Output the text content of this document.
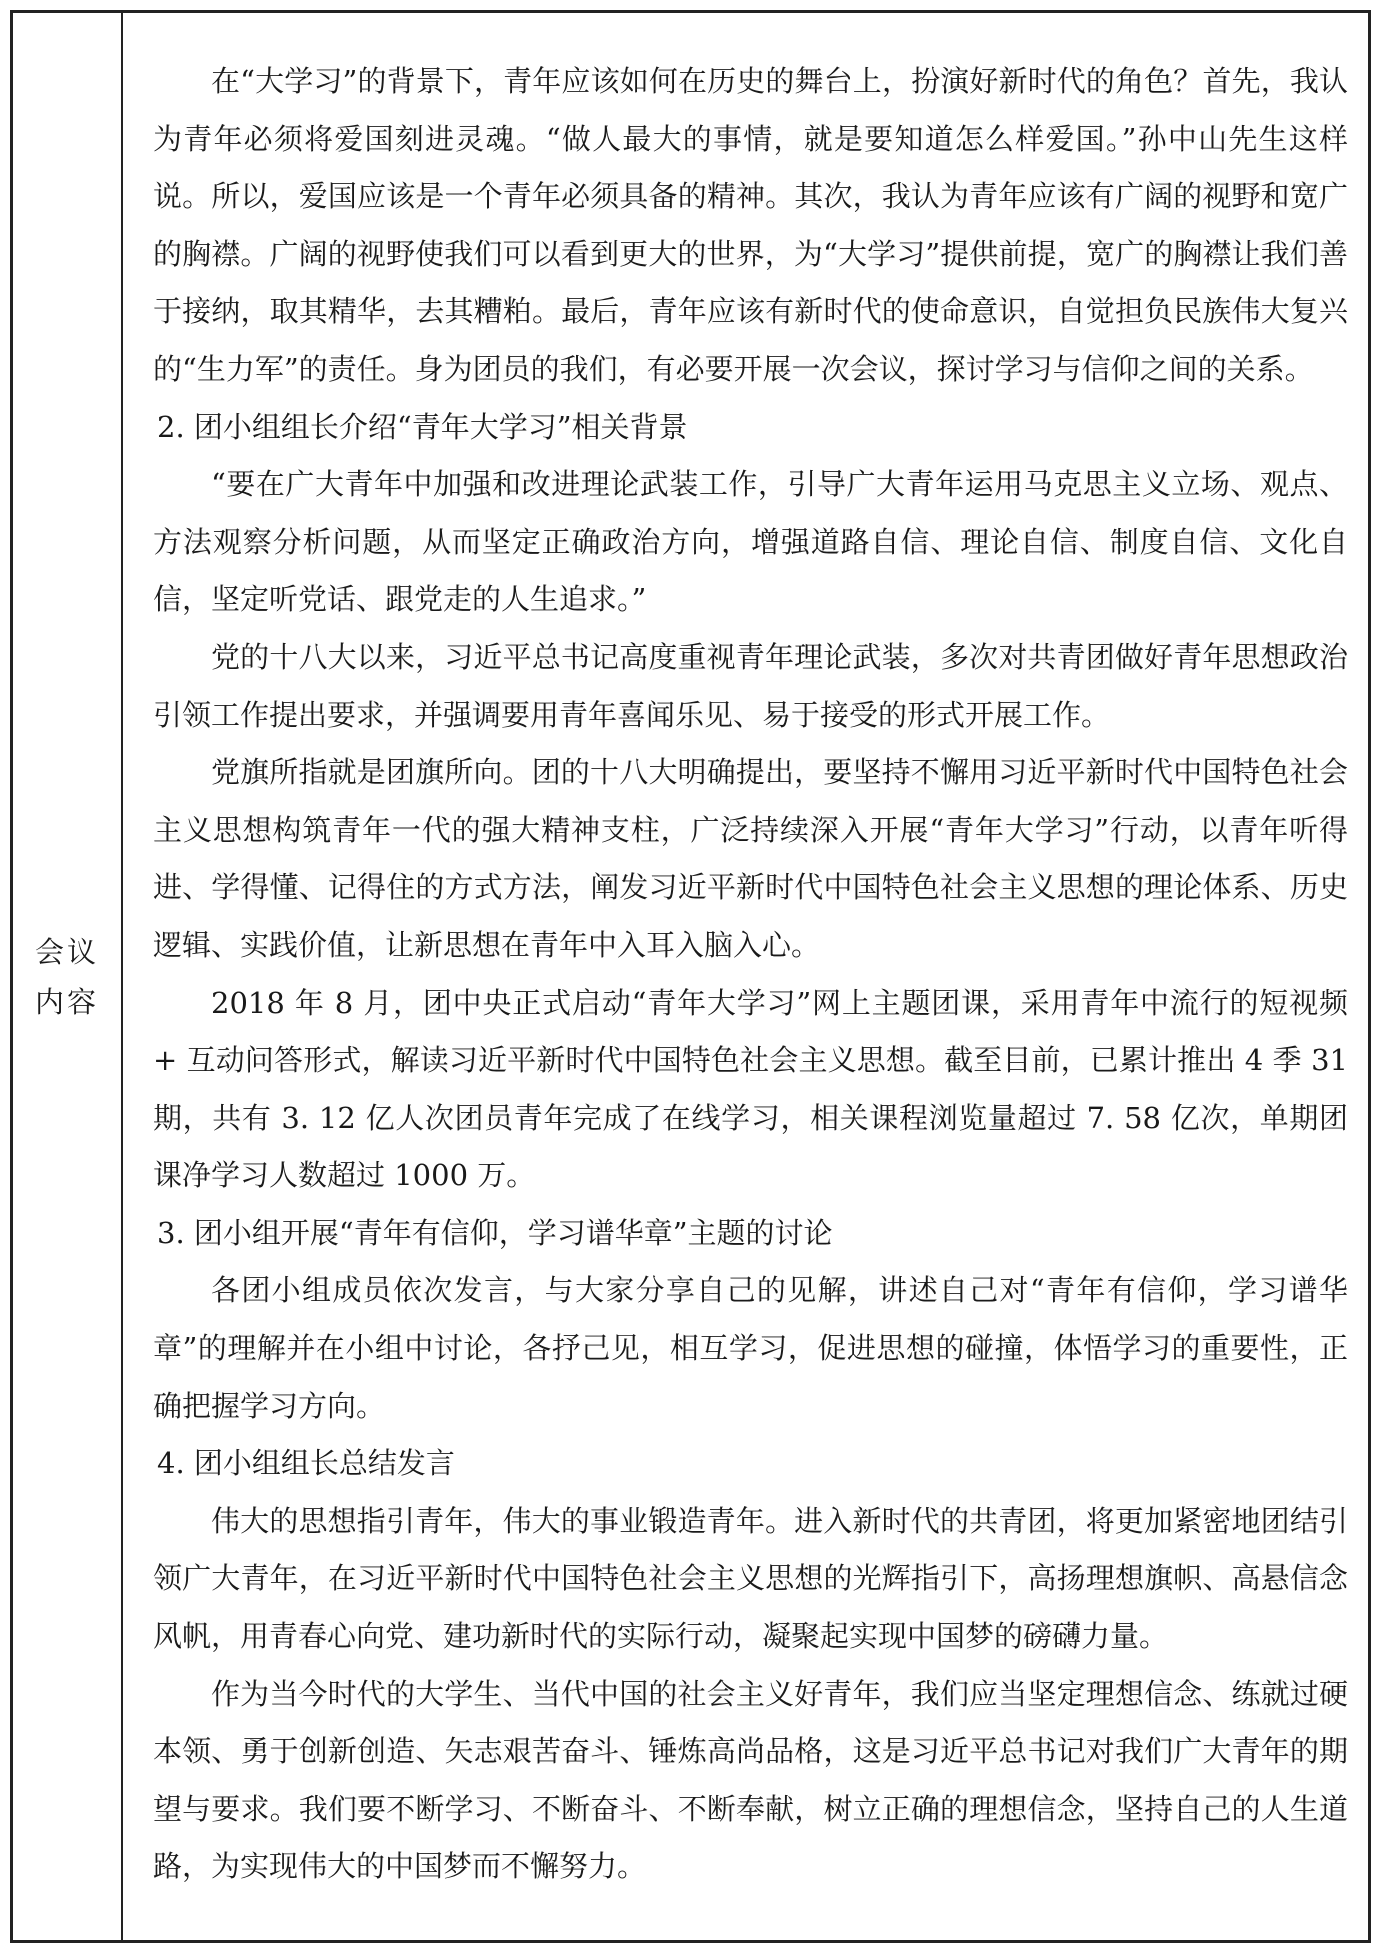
会议
内容

在“大学习”的背景下，青年应该如何在历史的舞台上，扮演好新时代的角色？首先，我认为青年必须将爱国刻进灵魂。“做人最大的事情，就是要知道怎么样爱国。”孙中山先生这样说。所以，爱国应该是一个青年必须具备的精神。其次，我认为青年应该有广阔的视野和宽广的胸襟。广阔的视野使我们可以看到更大的世界，为“大学习”提供前提，宽广的胸襟让我们善于接纳，取其精华，去其糟粕。最后，青年应该有新时代的使命意识，自觉担负民族伟大复兴的“生力军”的责任。身为团员的我们，有必要开展一次会议，探讨学习与信仰之间的关系。

2. 团小组组长介绍“青年大学习”相关背景

“要在广大青年中加强和改进理论武装工作，引导广大青年运用马克思主义立场、观点、方法观察分析问题，从而坚定正确政治方向，增强道路自信、理论自信、制度自信、文化自信，坚定听党话、跟党走的人生追求。”

党的十八大以来，习近平总书记高度重视青年理论武装，多次对共青团做好青年思想政治引领工作提出要求，并强调要用青年喜闻乐见、易于接受的形式开展工作。

党旗所指就是团旗所向。团的十八大明确提出，要坚持不懈用习近平新时代中国特色社会主义思想构筑青年一代的强大精神支柱，广泛持续深入开展“青年大学习”行动，以青年听得进、学得懂、记得住的方式方法，阐发习近平新时代中国特色社会主义思想的理论体系、历史逻辑、实践价值，让新思想在青年中入耳入脑入心。

2018 年 8 月，团中央正式启动“青年大学习”网上主题团课，采用青年中流行的短视频 + 互动问答形式，解读习近平新时代中国特色社会主义思想。截至目前，已累计推出 4 季 31 期，共有 3. 12 亿人次团员青年完成了在线学习，相关课程浏览量超过 7. 58 亿次，单期团课净学习人数超过 1000 万。

3. 团小组开展“青年有信仰，学习谱华章”主题的讨论

各团小组成员依次发言，与大家分享自己的见解，讲述自己对“青年有信仰，学习谱华章”的理解并在小组中讨论，各抒己见，相互学习，促进思想的碰撞，体悟学习的重要性，正确把握学习方向。

4. 团小组组长总结发言

伟大的思想指引青年，伟大的事业锻造青年。进入新时代的共青团，将更加紧密地团结引领广大青年，在习近平新时代中国特色社会主义思想的光辉指引下，高扬理想旗帜、高悬信念风帆，用青春心向党、建功新时代的实际行动，凝聚起实现中国梦的磅礴力量。

作为当今时代的大学生、当代中国的社会主义好青年，我们应当坚定理想信念、练就过硬本领、勇于创新创造、矢志艰苦奋斗、锤炼高尚品格，这是习近平总书记对我们广大青年的期望与要求。我们要不断学习、不断奋斗、不断奉献，树立正确的理想信念，坚持自己的人生道路，为实现伟大的中国梦而不懈努力。
